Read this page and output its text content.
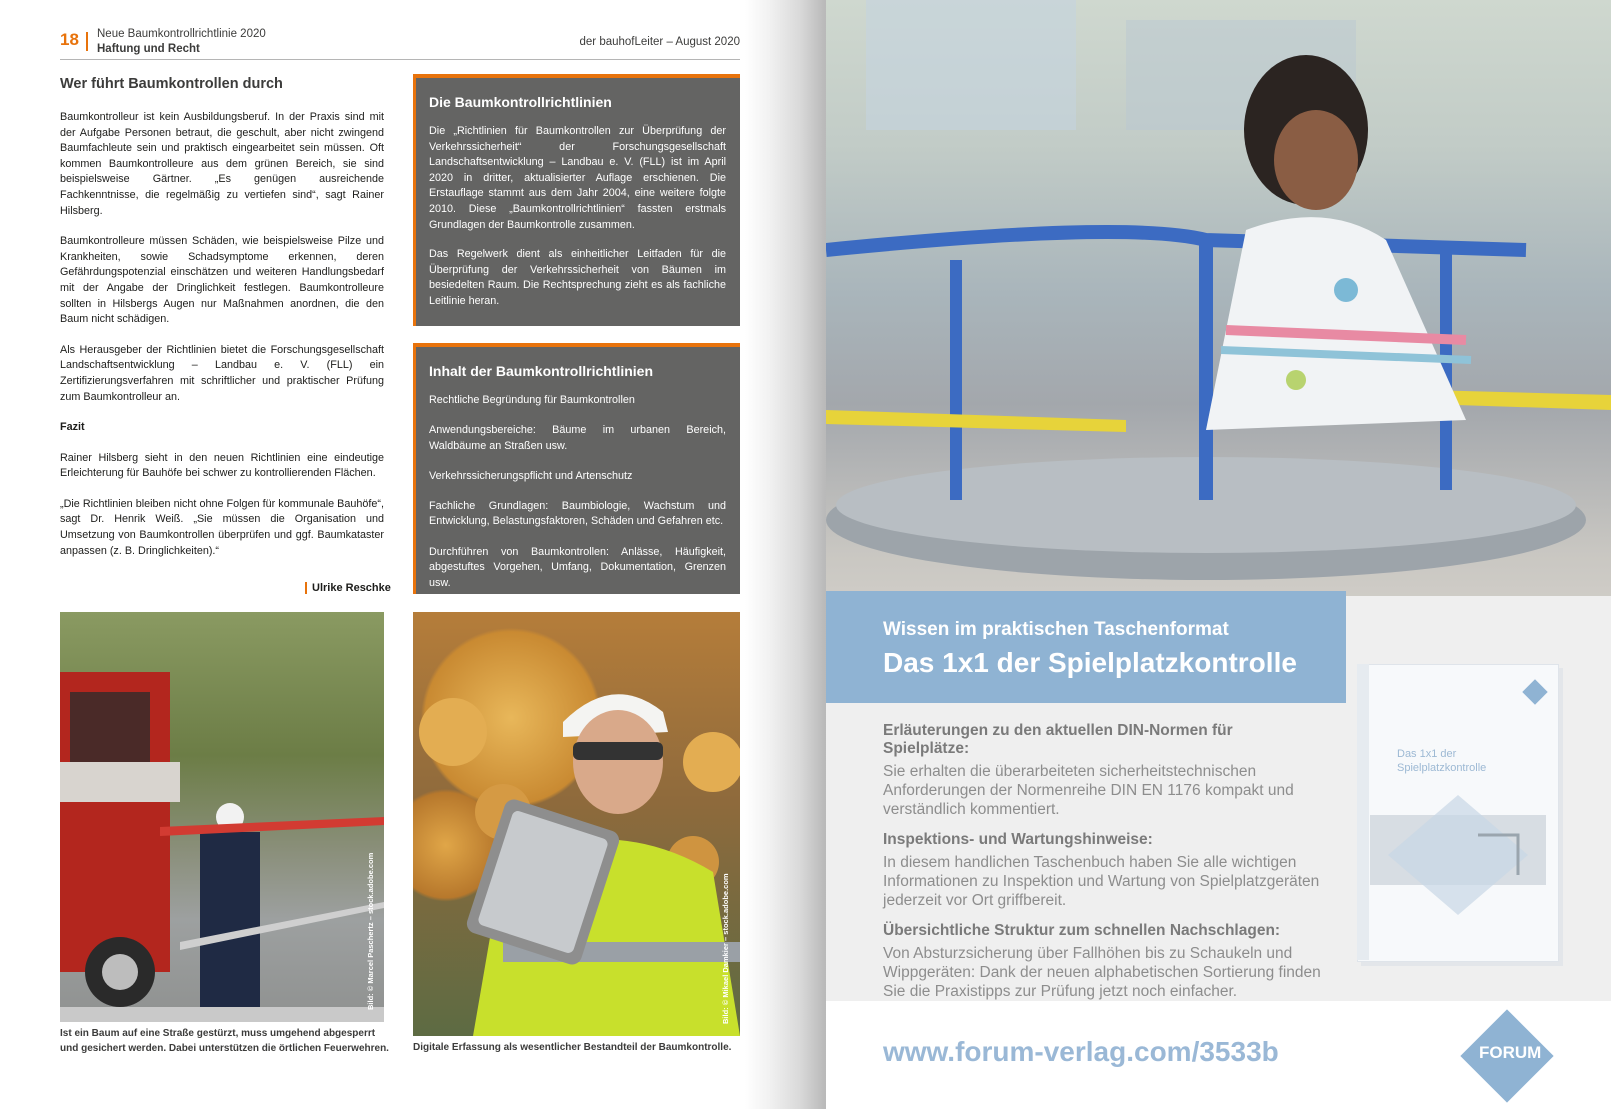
18 Neue Baumkontrollrichtlinie 2020
Haftung und Recht
der bauhofLeiter – August 2020
Wer führt Baumkontrollen durch

Baumkontrolleur ist kein Ausbildungsberuf. In der Praxis sind mit der Aufgabe Personen betraut, die geschult, aber nicht zwingend Baumfachleute sein und praktisch eingearbeitet sein müssen. Oft kommen Baumkontrolleure aus dem grünen Bereich, sie sind beispielsweise Gärtner. „Es genügen ausreichende Fachkenntnisse, die regelmäßig zu vertiefen sind“, sagt Rainer Hilsberg.

Baumkontrolleure müssen Schäden, wie beispielsweise Pilze und Krankheiten, sowie Schadsymptome erkennen, deren Gefährdungspotenzial einschätzen und weiteren Handlungsbedarf mit der Angabe der Dringlichkeit festlegen. Baumkontrolleure sollten in Hilsbergs Augen nur Maßnahmen anordnen, die den Baum nicht schädigen.

Als Herausgeber der Richtlinien bietet die Forschungsgesellschaft Landschaftsentwicklung – Landbau e. V. (FLL) ein Zertifizierungsverfahren mit schriftlicher und praktischer Prüfung zum Baumkontrolleur an.

Fazit

Rainer Hilsberg sieht in den neuen Richtlinien eine eindeutige Erleichterung für Bauhöfe bei schwer zu kontrollierenden Flächen.

„Die Richtlinien bleiben nicht ohne Folgen für kommunale Bauhöfe“, sagt Dr. Henrik Weiß. „Sie müssen die Organisation und Umsetzung von Baumkontrollen überprüfen und ggf. Baumkataster anpassen (z. B. Dringlichkeiten).“

Ulrike Reschke
Die Baumkontrollrichtlinien

Die „Richtlinien für Baumkontrollen zur Überprüfung der Verkehrssicherheit“ der Forschungsgesellschaft Landschaftsentwicklung – Landbau e. V. (FLL) ist im April 2020 in dritter, aktualisierter Auflage erschienen. Die Erstauflage stammt aus dem Jahr 2004, eine weitere folgte 2010. Diese „Baumkontrollrichtlinien“ fassten erstmals Grundlagen der Baumkontrolle zusammen.

Das Regelwerk dient als einheitlicher Leitfaden für die Überprüfung der Verkehrssicherheit von Bäumen im besiedelten Raum. Die Rechtsprechung zieht es als fachliche Leitlinie heran.

Inhalt der Baumkontrollrichtlinien

Rechtliche Begründung für Baumkontrollen

Anwendungsbereiche: Bäume im urbanen Bereich, Waldbäume an Straßen usw.

Verkehrssicherungspflicht und Artenschutz

Fachliche Grundlagen: Baumbiologie, Wachstum und Entwicklung, Belastungsfaktoren, Schäden und Gefahren etc.

Durchführen von Baumkontrollen: Anlässe, Häufigkeit, abgestuftes Vorgehen, Umfang, Dokumentation, Grenzen usw.

Bild: © Marcel Paschertz – stock.adobe.com
Ist ein Baum auf eine Straße gestürzt, muss umgehend abgesperrt und gesichert werden. Dabei unterstützen die örtlichen Feuerwehren.
Bild: © Mikael Damkier – stock.adobe.com
Digitale Erfassung als wesentlicher Bestandteil der Baumkontrolle.
Wissen im praktischen Taschenformat
Das 1x1 der Spielplatzkontrolle

Erläuterungen zu den aktuellen DIN-Normen für Spielplätze:

Sie erhalten die überarbeiteten sicherheitstechnischen Anforderungen der Normenreihe DIN EN 1176 kompakt und verständlich kommentiert.

Inspektions- und Wartungshinweise:

In diesem handlichen Taschenbuch haben Sie alle wichtigen Informationen zu Inspektion und Wartung von Spielplatzgeräten jederzeit vor Ort griffbereit.

Übersichtliche Struktur zum schnellen Nachschlagen:

Von Absturzsicherung über Fallhöhen bis zu Schaukeln und Wippgeräten: Dank der neuen alphabetischen Sortierung finden Sie die Praxistipps zur Prüfung jetzt noch einfacher.

Das 1x1 der
Spielplatzkontrolle
www.forum-verlag.com/3533b	FORUM
